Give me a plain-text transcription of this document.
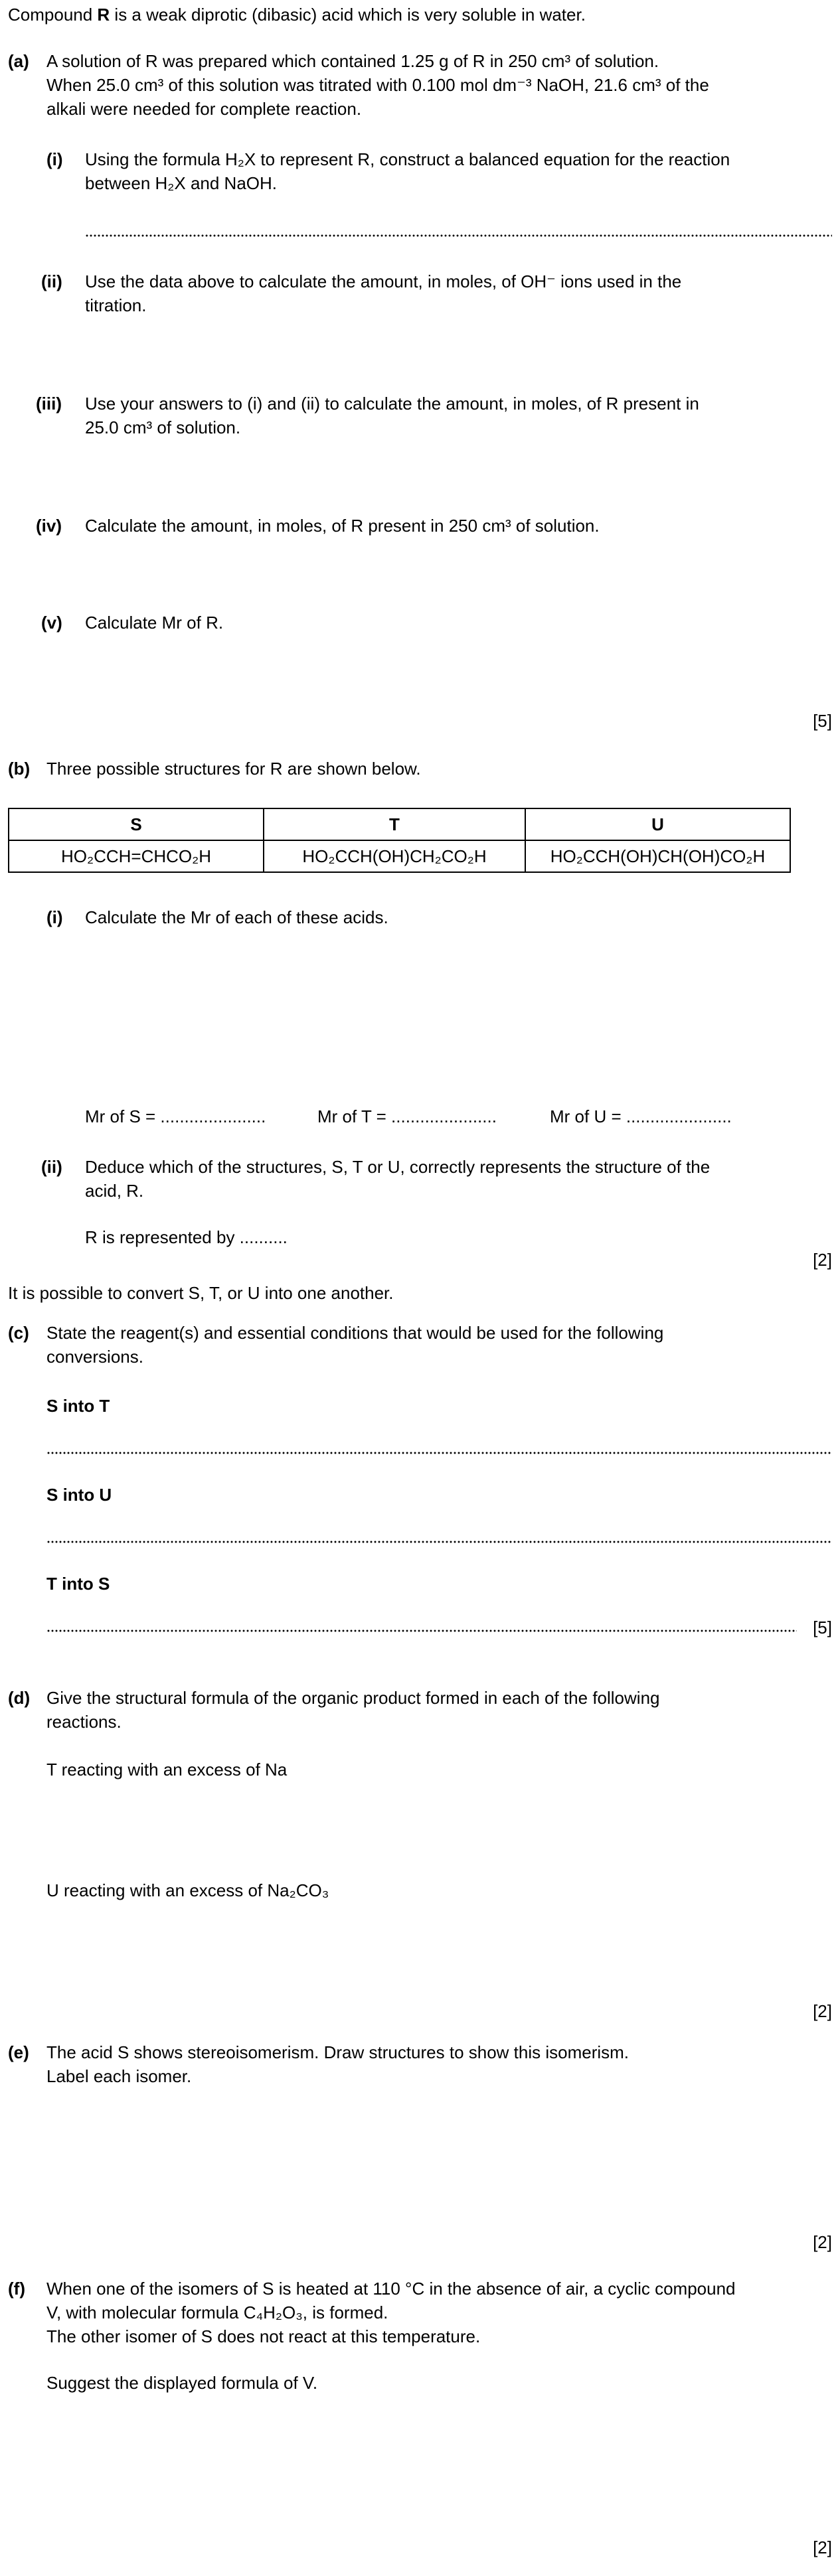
Compound R is a weak diprotic (dibasic) acid which is very soluble in water.
(a) A solution of R was prepared which contained 1.25 g of R in 250 cm³ of solution.
When 25.0 cm³ of this solution was titrated with 0.100 mol dm⁻³ NaOH, 21.6 cm³ of the
alkali were needed for complete reaction.
(i) Using the formula H₂X to represent R, construct a balanced equation for the reaction
between H₂X and NaOH.
(ii) Use the data above to calculate the amount, in moles, of OH⁻ ions used in the
titration.
(iii) Use your answers to (i) and (ii) to calculate the amount, in moles, of R present in
25.0 cm³ of solution.
(iv) Calculate the amount, in moles, of R present in 250 cm³ of solution.
(v) Calculate Mr of R.
[5]
(b) Three possible structures for R are shown below.
S	T	U
HO₂CCH=CHCO₂H	HO₂CCH(OH)CH₂CO₂H	HO₂CCH(OH)CH(OH)CO₂H
(i) Calculate the Mr of each of these acids.
Mr of S = ......................	Mr of T = ......................	Mr of U = ......................
(ii) Deduce which of the structures, S, T or U, correctly represents the structure of the
acid, R.
R is represented by ..........
[2]
It is possible to convert S, T, or U into one another.
(c) State the reagent(s) and essential conditions that would be used for the following
conversions.
S into T
S into U
T into S
[5]
(d) Give the structural formula of the organic product formed in each of the following
reactions.
T reacting with an excess of Na
U reacting with an excess of Na₂CO₃
[2]
(e) The acid S shows stereoisomerism. Draw structures to show this isomerism.
Label each isomer.
[2]
(f) When one of the isomers of S is heated at 110 °C in the absence of air, a cyclic compound
V, with molecular formula C₄H₂O₃, is formed.
The other isomer of S does not react at this temperature.
Suggest the displayed formula of V.
[2]
